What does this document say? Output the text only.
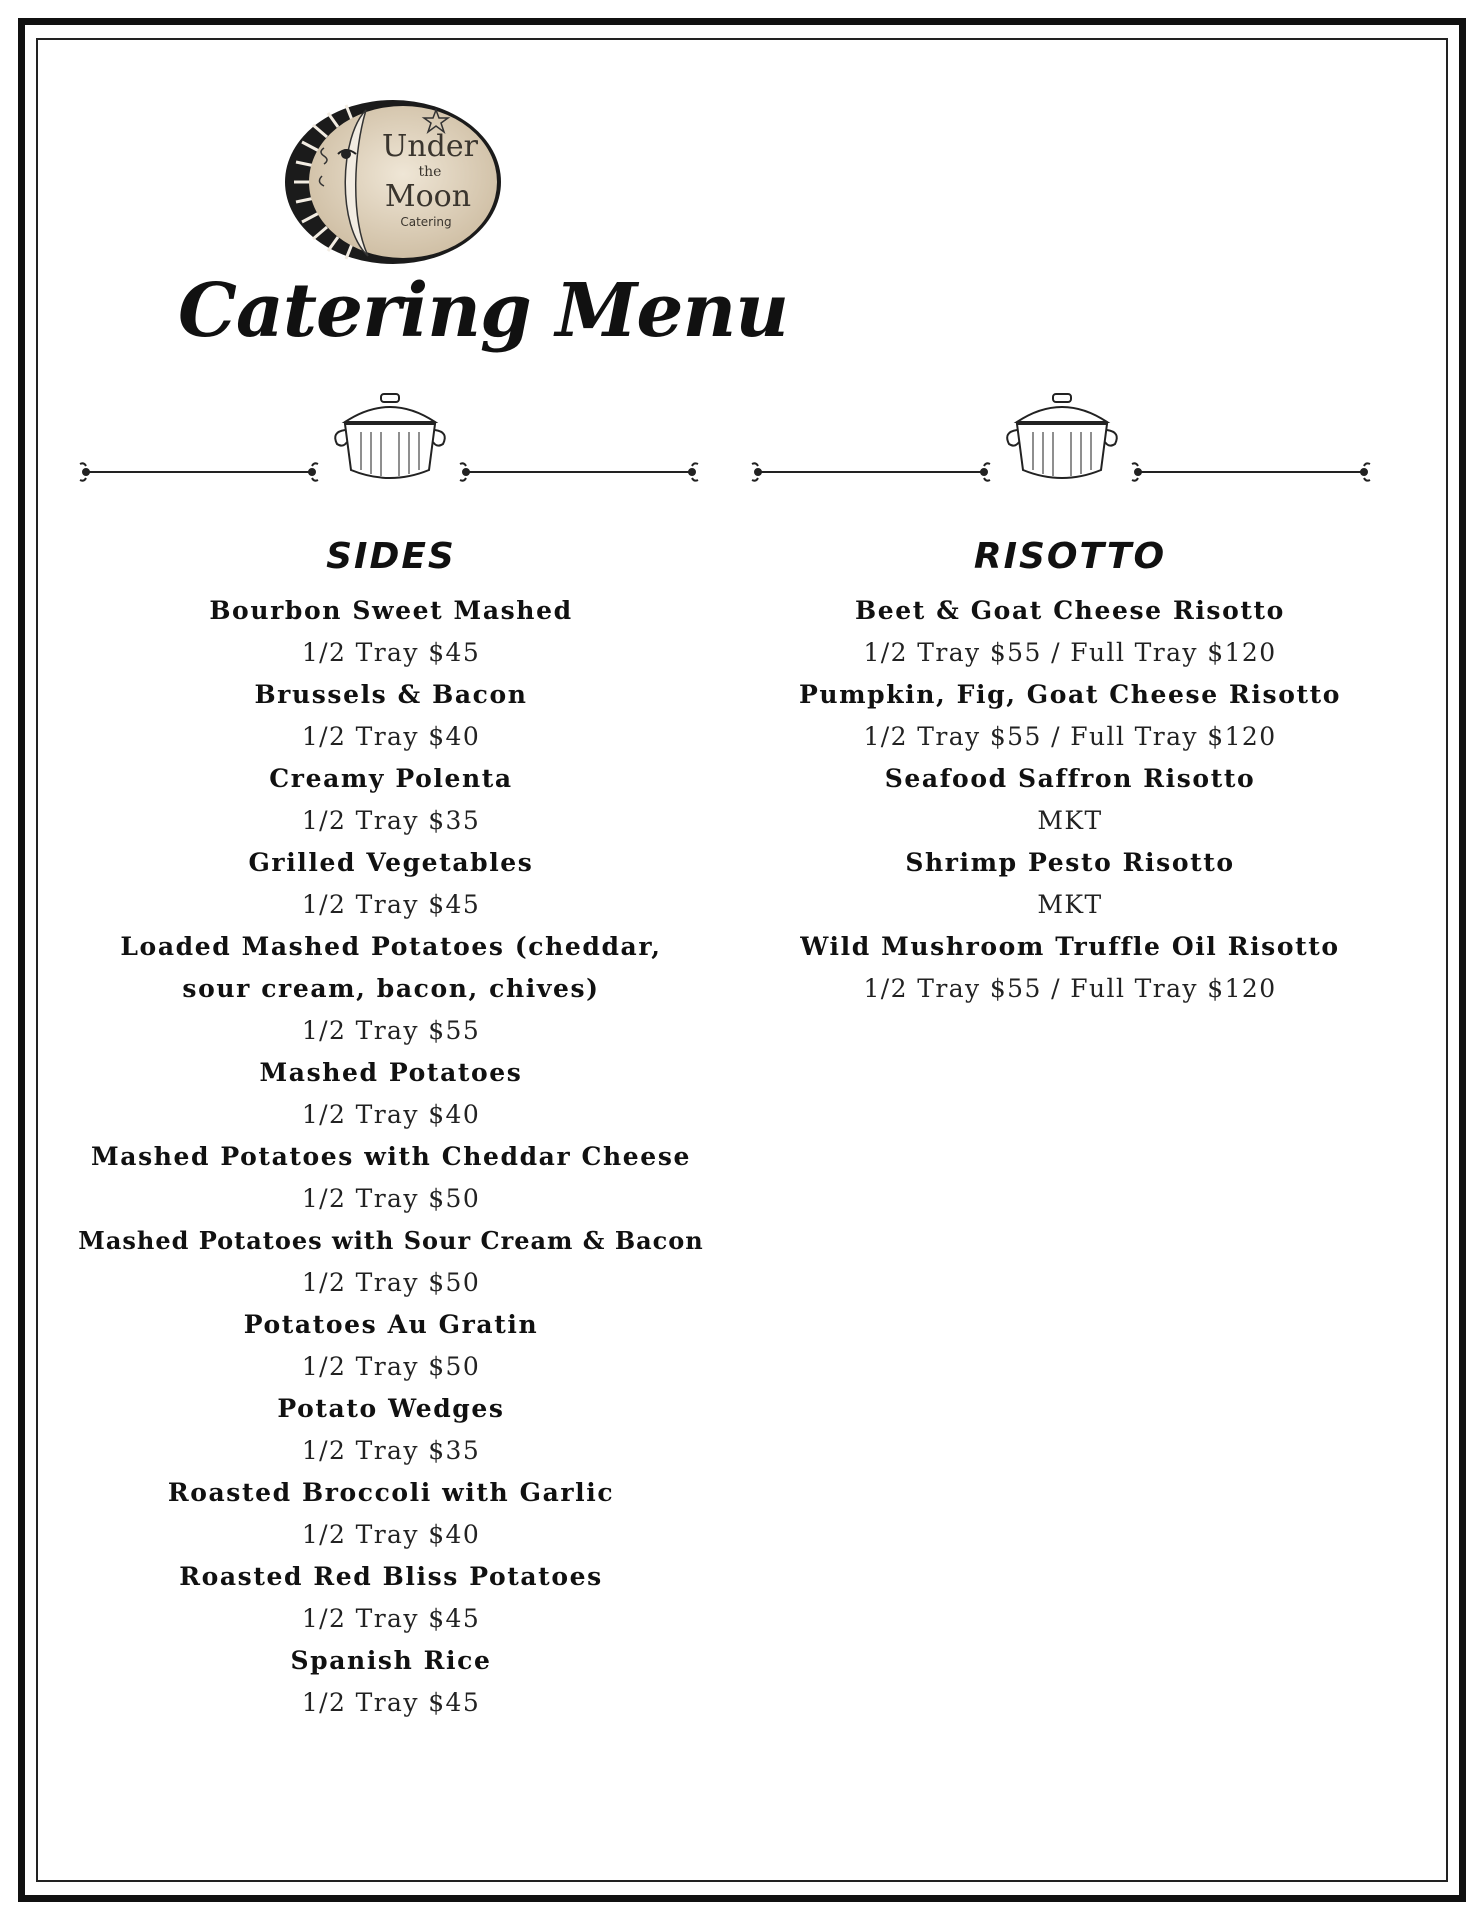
Under
the
Moon
Catering
Catering Menu
SIDES
Bourbon Sweet Mashed
1/2 Tray $45
Brussels & Bacon
1/2 Tray $40
Creamy Polenta
1/2 Tray $35
Grilled Vegetables
1/2 Tray $45
Loaded Mashed Potatoes (cheddar, sour cream, bacon, chives)
1/2 Tray $55
Mashed Potatoes
1/2 Tray $40
Mashed Potatoes with Cheddar Cheese
1/2 Tray $50
Mashed Potatoes with Sour Cream & Bacon
1/2 Tray $50
Potatoes Au Gratin
1/2 Tray $50
Potato Wedges
1/2 Tray $35
Roasted Broccoli with Garlic
1/2 Tray $40
Roasted Red Bliss Potatoes
1/2 Tray $45
Spanish Rice
1/2 Tray $45
RISOTTO
Beet & Goat Cheese Risotto
1/2 Tray $55 / Full Tray $120
Pumpkin, Fig, Goat Cheese Risotto
1/2 Tray $55 / Full Tray $120
Seafood Saffron Risotto
MKT
Shrimp Pesto Risotto
MKT
Wild Mushroom Truffle Oil Risotto
1/2 Tray $55 / Full Tray $120
